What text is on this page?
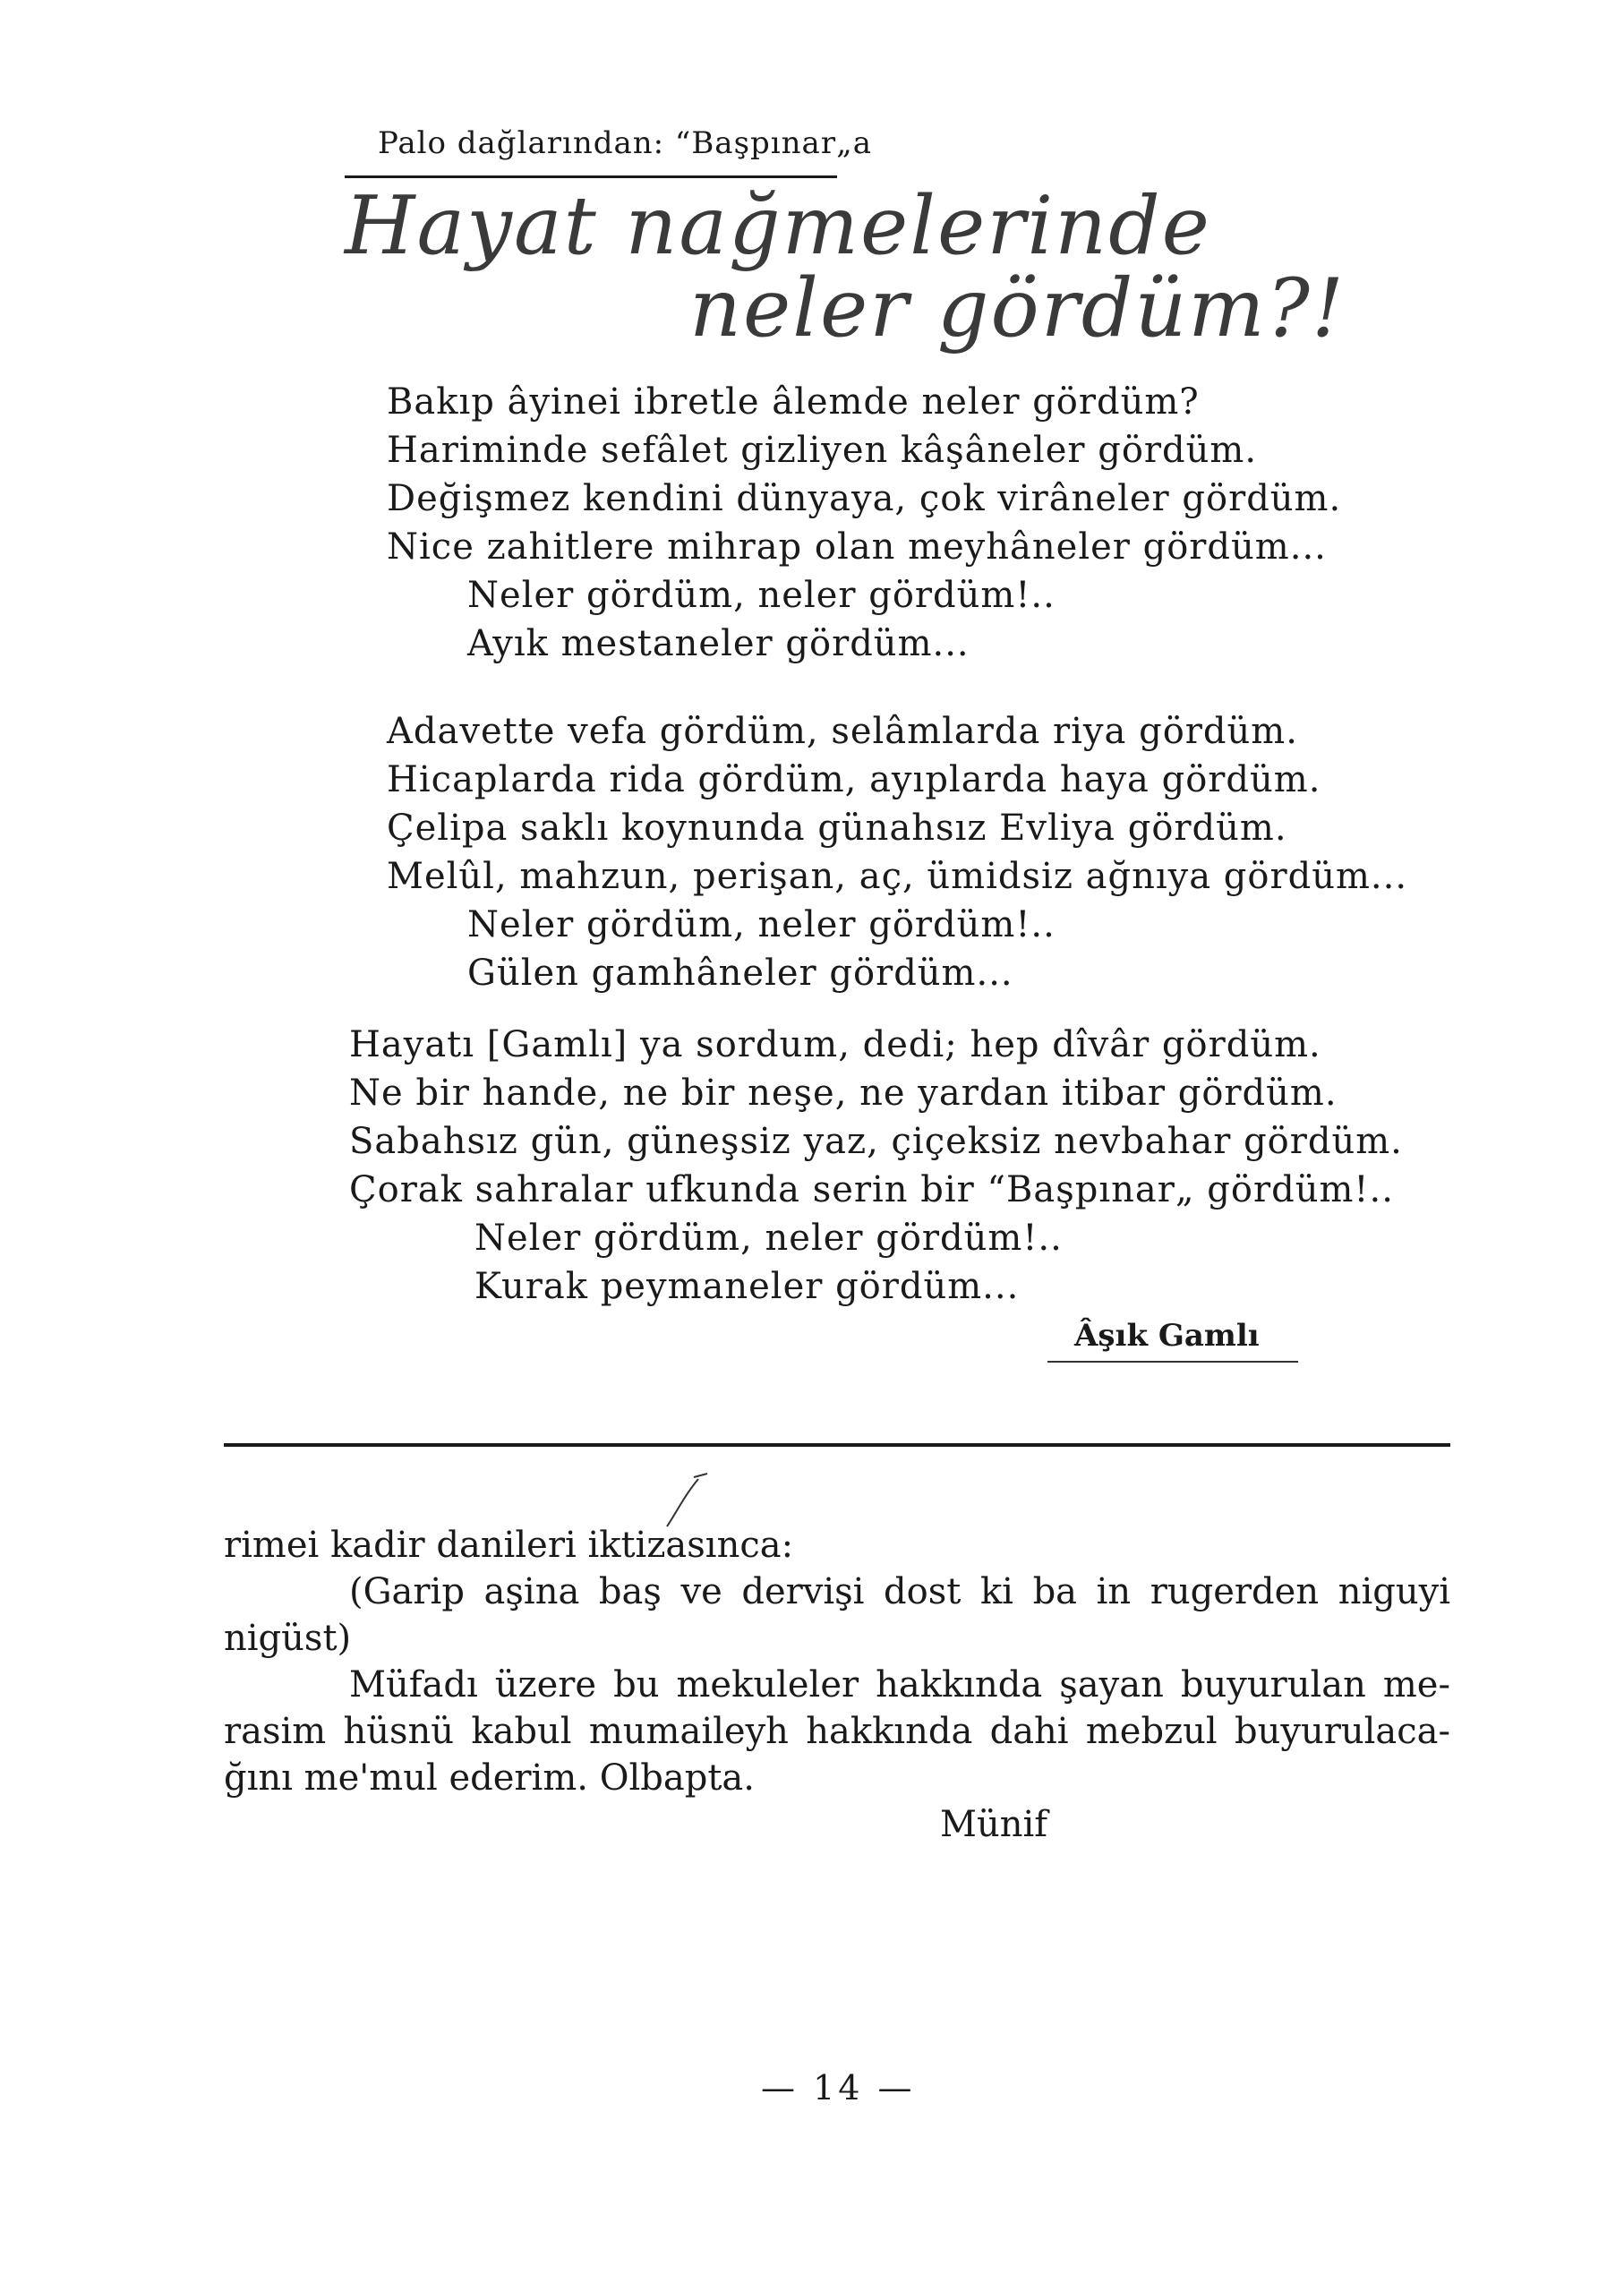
Palo dağlarından: “Başpınar„a
Hayat nağmelerinde
neler gördüm?!
Bakıp âyinei ibretle âlemde neler gördüm?
Hariminde sefâlet gizliyen kâşâneler gördüm.
Değişmez kendini dünyaya, çok virâneler gördüm.
Nice zahitlere mihrap olan meyhâneler gördüm...
Neler gördüm, neler gördüm!..
Ayık mestaneler gördüm...
Adavette vefa gördüm, selâmlarda riya gördüm.
Hicaplarda rida gördüm, ayıplarda haya gördüm.
Çelipa saklı koynunda günahsız Evliya gördüm.
Melûl, mahzun, perişan, aç, ümidsiz ağnıya gördüm...
Neler gördüm, neler gördüm!..
Gülen gamhâneler gördüm...
Hayatı [Gamlı] ya sordum, dedi; hep dîvâr gördüm.
Ne bir hande, ne bir neşe, ne yardan itibar gördüm.
Sabahsız gün, güneşsiz yaz, çiçeksiz nevbahar gördüm.
Çorak sahralar ufkunda serin bir “Başpınar„ gördüm!..
Neler gördüm, neler gördüm!..
Kurak peymaneler gördüm...
Âşık Gamlı
rimei kadir danileri iktizasınca:
(Garip aşina baş ve dervişi dost ki ba in rugerden niguyi
nigüst)
Müfadı üzere bu mekuleler hakkında şayan buyurulan me-
rasim hüsnü kabul mumaileyh hakkında dahi mebzul buyurulaca-
ğını me'mul ederim. Olbapta.
Münif
— 14 —
